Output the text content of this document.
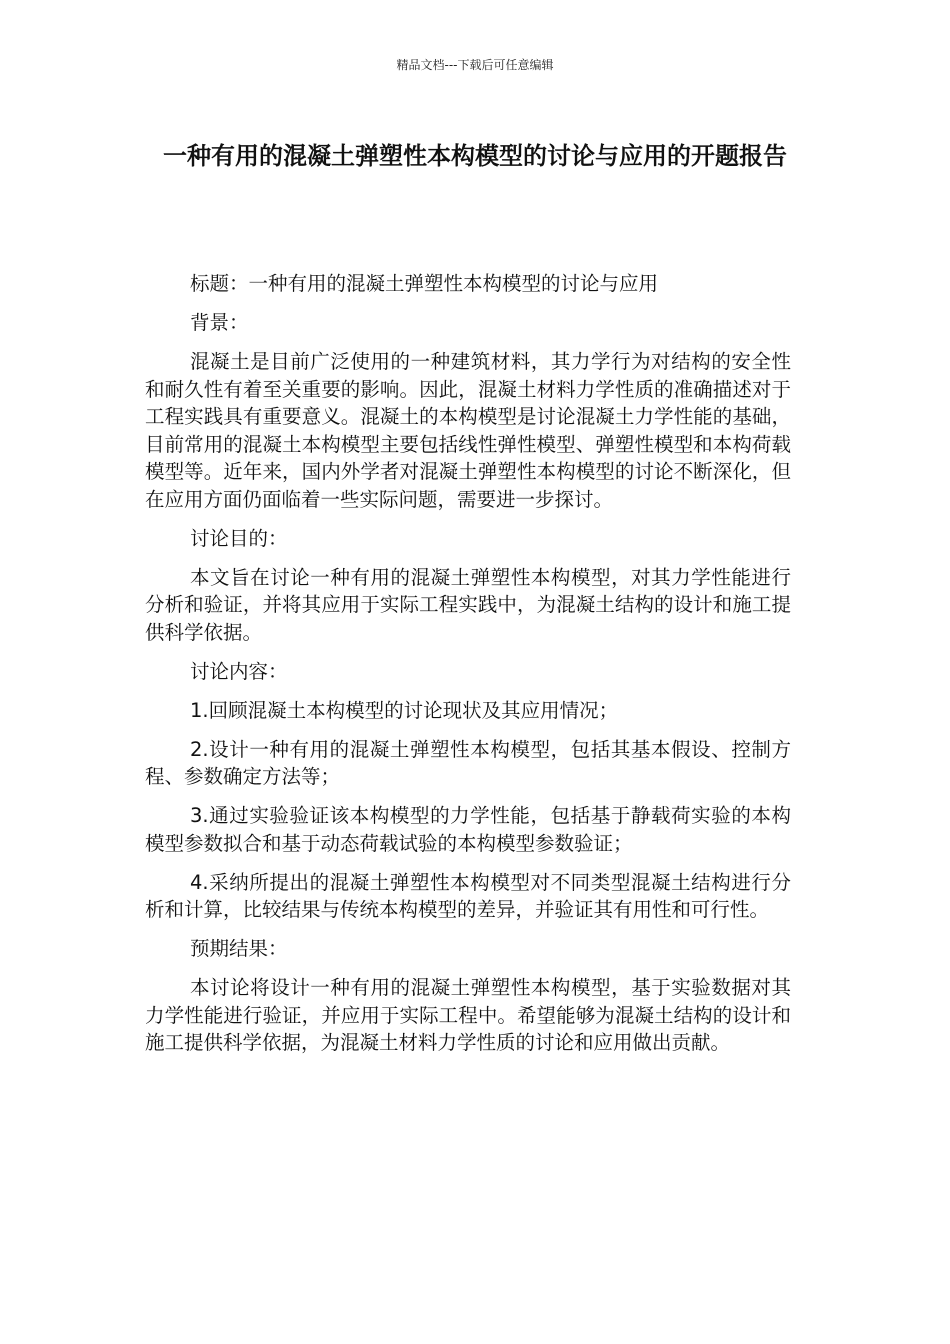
精品文档---下载后可任意编辑
一种有用的混凝土弹塑性本构模型的讨论与应用的开题报告

标题：一种有用的混凝土弹塑性本构模型的讨论与应用

背景：

混凝土是目前广泛使用的一种建筑材料，其力学行为对结构的安全性和耐久性有着至关重要的影响。因此，混凝土材料力学性质的准确描述对于工程实践具有重要意义。混凝土的本构模型是讨论混凝土力学性能的基础，目前常用的混凝土本构模型主要包括线性弹性模型、弹塑性模型和本构荷载模型等。近年来，国内外学者对混凝土弹塑性本构模型的讨论不断深化，但在应用方面仍面临着一些实际问题，需要进一步探讨。

讨论目的：

本文旨在讨论一种有用的混凝土弹塑性本构模型，对其力学性能进行分析和验证，并将其应用于实际工程实践中，为混凝土结构的设计和施工提供科学依据。

讨论内容：

1.回顾混凝土本构模型的讨论现状及其应用情况；

2.设计一种有用的混凝土弹塑性本构模型，包括其基本假设、控制方程、参数确定方法等；

3.通过实验验证该本构模型的力学性能，包括基于静载荷实验的本构模型参数拟合和基于动态荷载试验的本构模型参数验证；

4.采纳所提出的混凝土弹塑性本构模型对不同类型混凝土结构进行分析和计算，比较结果与传统本构模型的差异，并验证其有用性和可行性。

预期结果：

本讨论将设计一种有用的混凝土弹塑性本构模型，基于实验数据对其力学性能进行验证，并应用于实际工程中。希望能够为混凝土结构的设计和施工提供科学依据，为混凝土材料力学性质的讨论和应用做出贡献。
